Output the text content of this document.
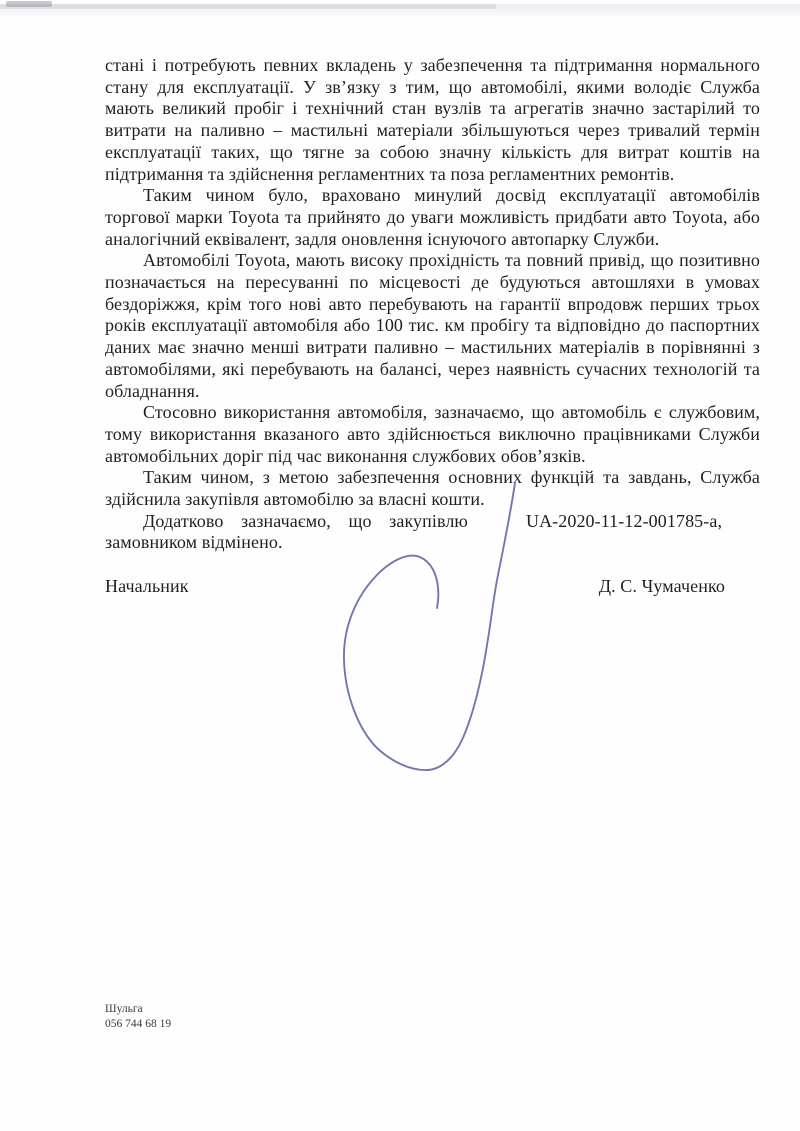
стані і потребують певних вкладень у забезпечення та підтримання нормального стану для експлуатації. У зв’язку з тим, що автомобілі, якими володіє Служба мають великий пробіг і технічний стан вузлів та агрегатів значно застарілий то витрати на паливно – мастильні матеріали збільшуються через тривалий термін експлуатації таких, що тягне за собою значну кількість для витрат коштів на підтримання та здійснення регламентних та поза регламентних ремонтів.

Таким чином було, враховано минулий досвід експлуатації автомобілів торгової марки Toyota та прийнято до уваги можливість придбати авто Toyota, або аналогічний еквівалент, задля оновлення існуючого автопарку Служби.

Автомобілі Toyota, мають високу прохідність та повний привід, що позитивно позначається на пересуванні по місцевості де будуються автошляхи в умовах бездоріжжя, крім того нові авто перебувають на гарантії впродовж перших трьох років експлуатації автомобіля або 100 тис. км пробігу та відповідно до паспортних даних має значно менші витрати паливно – мастильних матеріалів в порівнянні з автомобілями, які перебувають на балансі, через наявність сучасних технологій та обладнання.

Стосовно використання автомобіля, зазначаємо, що автомобіль є службовим, тому використання вказаного авто здійснюється виключно працівниками Служби автомобільних доріг під час виконання службових обов’язків.

Таким чином, з метою забезпечення основних функцій та завдань, Служба здійснила закупівля автомобілю за власні кошти.

Додатково зазначаємо, що закупівлю	UA-2020-11-12-001785-а,

замовником відмінено.

Начальник	Д. С. Чумаченко
Шульга
056 744 68 19
